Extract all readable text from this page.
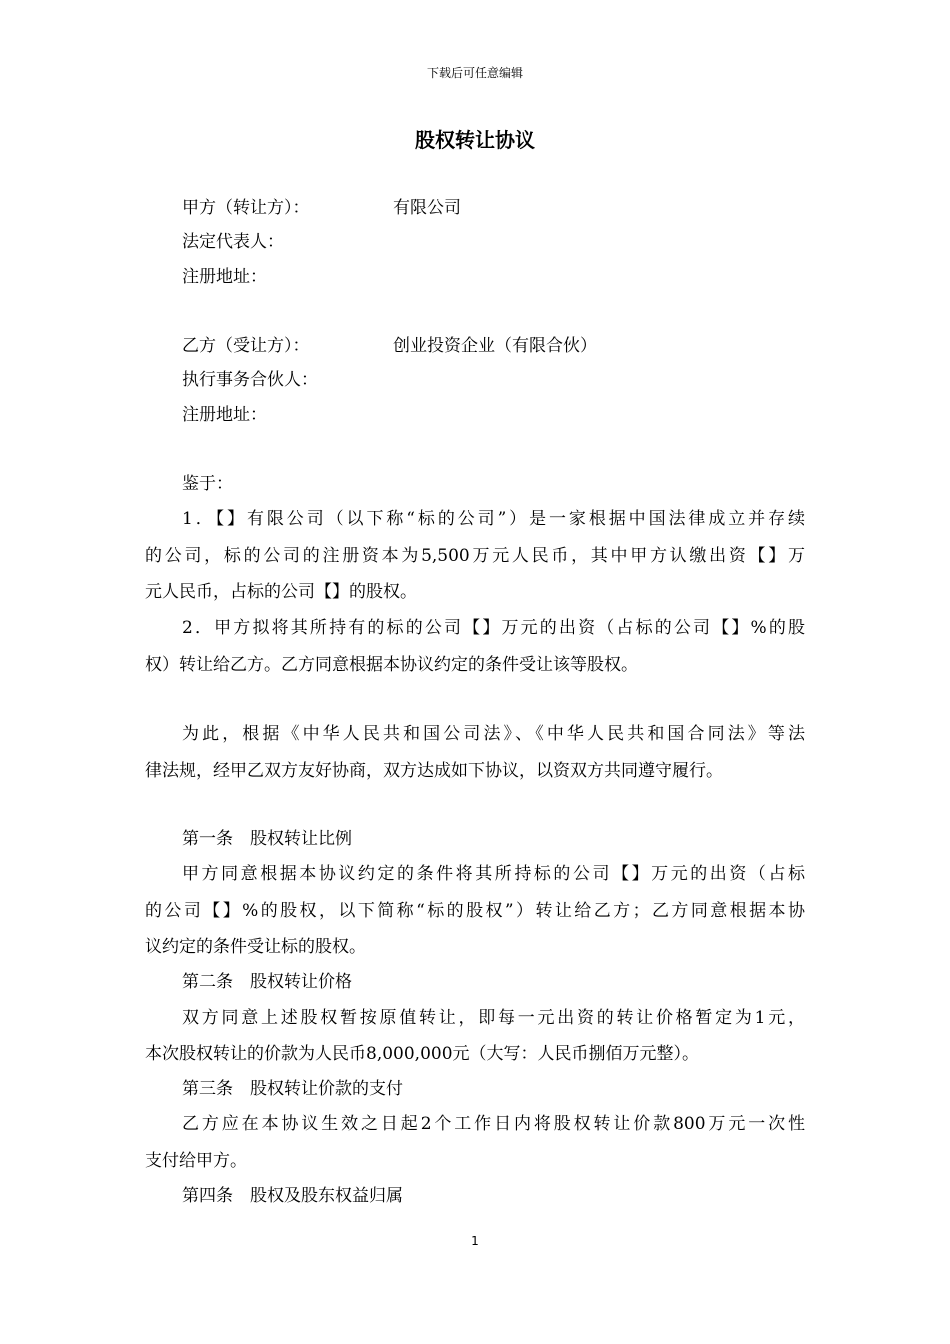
下载后可任意编辑
股权转让协议
甲方（转让方）：	有限公司
法定代表人：
注册地址：
乙方（受让方）：	创业投资企业（有限合伙）
执行事务合伙人：
注册地址：
鉴于：
1．【】有限公司（以下称“标的公司”）是一家根据中国法律成立并存续
的公司，标的公司的注册资本为5,500万元人民币，其中甲方认缴出资【】万
元人民币，占标的公司【】的股权。
2．甲方拟将其所持有的标的公司【】万元的出资（占标的公司【】%的股
权）转让给乙方。乙方同意根据本协议约定的条件受让该等股权。
为此，根据《中华人民共和国公司法》、《中华人民共和国合同法》等法
律法规，经甲乙双方友好协商，双方达成如下协议，以资双方共同遵守履行。
第一条　股权转让比例
甲方同意根据本协议约定的条件将其所持标的公司【】万元的出资（占标
的公司【】%的股权，以下简称“标的股权”）转让给乙方；乙方同意根据本协
议约定的条件受让标的股权。
第二条　股权转让价格
双方同意上述股权暂按原值转让，即每一元出资的转让价格暂定为1元，
本次股权转让的价款为人民币8,000,000元（大写：人民币捌佰万元整）。
第三条　股权转让价款的支付
乙方应在本协议生效之日起2个工作日内将股权转让价款800万元一次性
支付给甲方。
第四条　股权及股东权益归属
1
